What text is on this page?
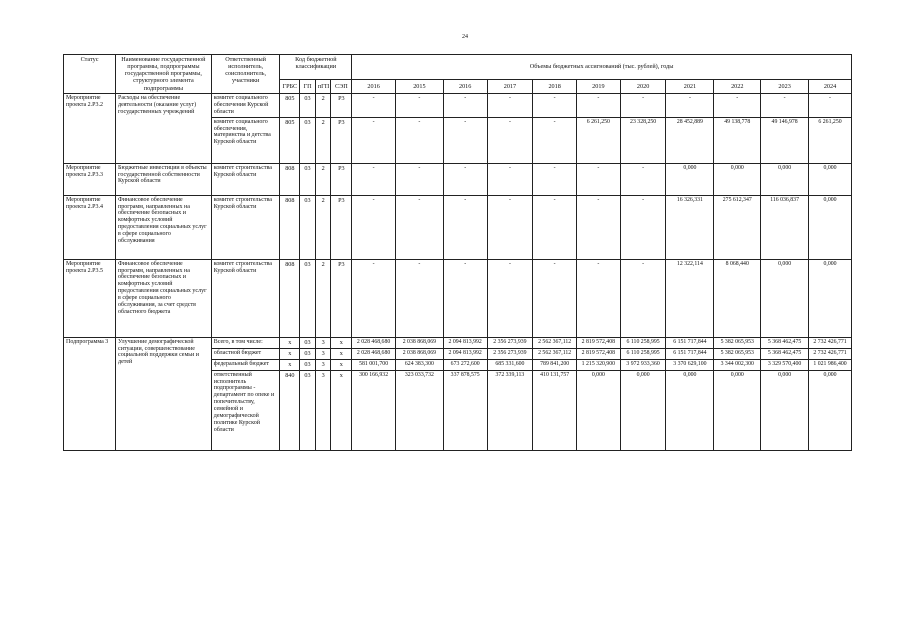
24
Статус	Наименование государственной программы, подпрограммы государственной программы, структурного элемента подпрограммы	Ответственный исполнитель, соисполнитель, участники	Код бюджетной классификации				Объемы бюджетных ассигнований (тыс. рублей), годы										
			ГРБС	ГП	пГП	СЭП	2016	2015	2016	2017	2018	2019	2020	2021	2022	2023	2024
Мероприятие проекта 2.Р3.2	Расходы на обеспечение деятельности (оказание услуг) государственных учреждений	комитет социального обеспечения Курской области	805	03	2	Р3	-	-	-	-	-	-	-	-	-	-	-
		комитет социального обеспечения, материнства и детства Курской области	805	03	2	Р3	-	-	-	-	-	6 261,250	23 328,250	28 452,889	49 138,778	49 146,978	6 261,250
Мероприятие проекта 2.Р3.3	Бюджетные инвестиции в объекты государственной собственности Курской области	комитет строительства Курской области	808	03	2	Р3	-	-	-	-	-	-	-	0,000	0,000	0,000	0,000
Мероприятие проекта 2.Р3.4	Финансовое обеспечение программ, направленных на обеспечение безопасных и комфортных условий предоставления социальных услуг в сфере социального обслуживания	комитет строительства Курской области	808	03	2	Р3	-	-	-	-	-	-	-	16 326,331	275 612,347	116 036,837	0,000
Мероприятие проекта 2.Р3.5	Финансовое обеспечение программ, направленных на обеспечение безопасных и комфортных условий предоставления социальных услуг в сфере социального обслуживания, за счет средств областного бюджета	комитет строительства Курской области	808	03	2	Р3	-	-	-	-	-	-	-	12 322,114	8 068,440	0,000	0,000
Подпрограмма 3	Улучшение демографической ситуации, совершенствование социальной поддержки семьи и детей	Всего, в том числе:	х	03	3	х	2 028 468,680	2 038 868,069	2 094 813,992	2 356 273,939	2 562 367,112	2 819 572,408	6 110 258,995	6 151 717,844	5 382 065,953	5 368 462,475	2 732 426,771
		областной бюджет	х	03	3	х	2 028 468,680	2 038 868,069	2 094 813,992	2 356 273,939	2 562 367,112	2 819 572,408	6 110 258,995	6 151 717,844	5 382 065,953	5 368 462,475	2 732 426,771
		федеральный бюджет	х	03	3	х	581 001,700	624 383,300	673 272,600	685 331,600	789 841,200	1 215 320,900	3 972 933,360	3 370 629,100	3 344 002,300	3 329 570,400	1 021 986,400
		ответственный исполнитель подпрограммы - департамент по опеке и попечительству, семейной и демографической политике Курской области	840	03	3	х	300 166,932	323 033,732	337 878,575	372 339,113	410 131,757	0,000	0,000	0,000	0,000	0,000	0,000
